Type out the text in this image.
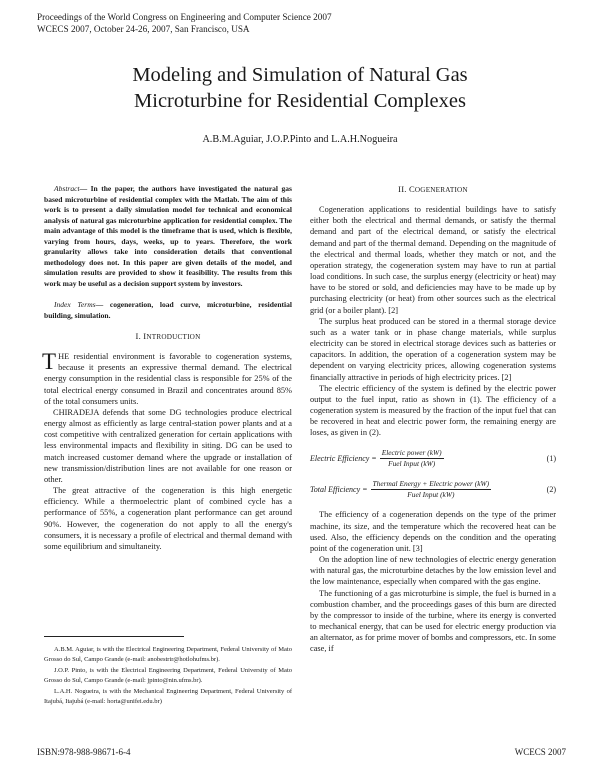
Proceedings of the World Congress on Engineering and Computer Science 2007
WCECS 2007, October 24-26, 2007, San Francisco, USA
Modeling and Simulation of Natural Gas
Microturbine for Residential Complexes
A.B.M.Aguiar, J.O.P.Pinto and L.A.H.Nogueira

Abstract— In the paper, the authors have investigated the natural gas based microturbine of residential complex with the Matlab. The aim of this work is to present a daily simulation model for technical and economical analysis of natural gas microturbine application for residential complex. The main advantage of this model is the timeframe that is used, which is flexible, varying from hours, days, weeks, up to years. Therefore, the work granularity allows take into consideration details that conventional methodology does not. In this paper are given details of the model, and simulation results are provided to show it feasibility. The results from this work may be useful as a decision support system by investors.

Index Terms— cogeneration, load curve, microturbine, residential building, simulation.

I. INTRODUCTION

THE residential environment is favorable to cogeneration systems, because it presents an expressive thermal demand. The electrical energy consumption in the residential class is responsible for 25% of the total electrical energy consumed in Brazil and concentrates around 85% of the total consumers units.

CHIRADEJA defends that some DG technologies produce electrical energy almost as efficiently as large central-station power plants and at a cost competitive with centralized generation for certain applications with less environmental impacts and flexibility in siting. DG can be used to match increased customer demand where the upgrade or installation of new transmission/distribution lines are not available for one reason or other.

The great attractive of the cogeneration is this high energetic efficiency. While a thermoelectric plant of combined cycle has a performance of 55%, a cogeneration plant performance can get around 90%. However, the cogeneration do not apply to all the energy's consumers, it is necessary a profile of electrical and thermal demand with some equilibrium and simultaneity.

II. COGENERATION

Cogeneration applications to residential buildings have to satisfy either both the electrical and thermal demands, or satisfy the thermal demand and part of the electrical demand, or satisfy the electrical demand and part of the thermal demand. Depending on the magnitude of the electrical and thermal loads, whether they match or not, and the operation strategy, the cogeneration system may have to run at partial load conditions. In such case, the surplus energy (electricity or heat) may have to be stored or sold, and deficiencies may have to be made up by purchasing electricity (or heat) from other sources such as the electrical grid (or a boiler plant). [2]

The surplus heat produced can be stored in a thermal storage device such as a water tank or in phase change materials, while surplus electricity can be stored in electrical storage devices such as batteries or capacitors. In addition, the operation of a cogeneration system may be dependent on varying electricity prices, allowing cogeneration systems financially attractive in periods of high electricity prices. [2]

The electric efficiency of the system is defined by the electric power output to the fuel input, ratio as shown in (1). The efficiency of a cogeneration system is measured by the fraction of the input fuel that can be recovered in heat and electric power form, the remaining energy are loses, as given in (2).

Electric Efficiency = $\frac{\text{Electric power (kW)}}{\text{Fuel Input (kW)}}$	(1)
Total Efficiency = $\frac{\text{Thermal Energy + Electric power (kW)}}{\text{Fuel Input (kW)}}$	(2)

The efficiency of a cogeneration depends on the type of the primer machine, its size, and the temperature which the recovered heat can be used. Also, the efficiency depends on the condition and the operating point of the cogeneration unit. [3]

On the adoption line of new technologies of electric energy generation with natural gas, the microturbine detaches by the low emission level and the low maintenance, especially when compared with the gas engine.

The functioning of a gas microturbine is simple, the fuel is burned in a combustion chamber, and the proceedings gases of this burn are directed by the compressor to inside of the turbine, where its energy is converted to mechanical energy, that can be used for electric energy production via an alternator, as for prime mover of bombs and compressors, etc. In some case, if

A.B.M. Aguiar, is with the Electrical Engineering Department, Federal University of Mato Grosso do Sul, Campo Grande (e-mail: anobestrir@hotlohufms.br).

J.O.P. Pinto, is with the Electrical Engineering Department, Federal University of Mato Grosso do Sul, Campo Grande (e-mail: jpinto@nin.ufms.br).

L.A.H. Nogueira, is with the Mechanical Engineering Department, Federal University of Itajubá, Itajubá (e-mail: horta@unifei.edu.br)

ISBN:978-988-98671-6-4	WCECS 2007
